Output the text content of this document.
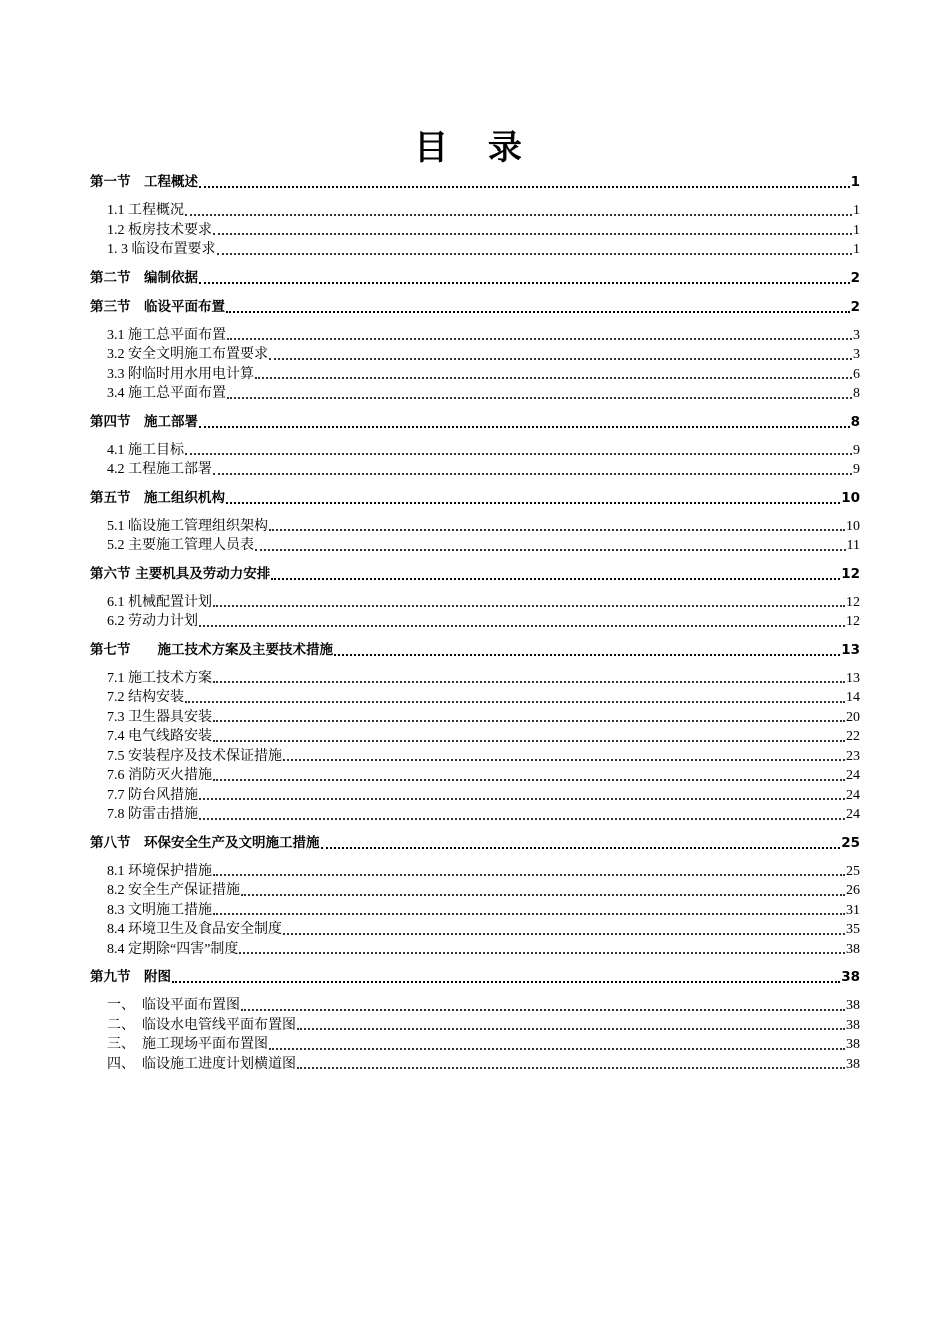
目 录
第一节　工程概述	1
1.1 工程概况	1
1.2 板房技术要求	1
1. 3 临设布置要求	1
第二节　编制依据	2
第三节　临设平面布置	2
3.1 施工总平面布置	3
3.2 安全文明施工布置要求	3
3.3 附临时用水用电计算	6
3.4 施工总平面布置	8
第四节　施工部署	8
4.1 施工目标	9
4.2 工程施工部署	9
第五节　施工组织机构	10
5.1 临设施工管理组织架构	10
5.2 主要施工管理人员表	11
第六节 主要机具及劳动力安排	12
6.1 机械配置计划	12
6.2 劳动力计划	12
第七节　　施工技术方案及主要技术措施	13
7.1 施工技术方案	13
7.2 结构安装	14
7.3 卫生器具安装	20
7.4 电气线路安装	22
7.5 安装程序及技术保证措施	23
7.6 消防灭火措施	24
7.7 防台风措施	24
7.8 防雷击措施	24
第八节　环保安全生产及文明施工措施	25
8.1 环境保护措施	25
8.2 安全生产保证措施	26
8.3 文明施工措施	31
8.4 环境卫生及食品安全制度	35
8.4 定期除“四害”制度	38
第九节　附图	38
一、　临设平面布置图	38
二、　临设水电管线平面布置图	38
三、　施工现场平面布置图	38
四、　临设施工进度计划横道图	38
